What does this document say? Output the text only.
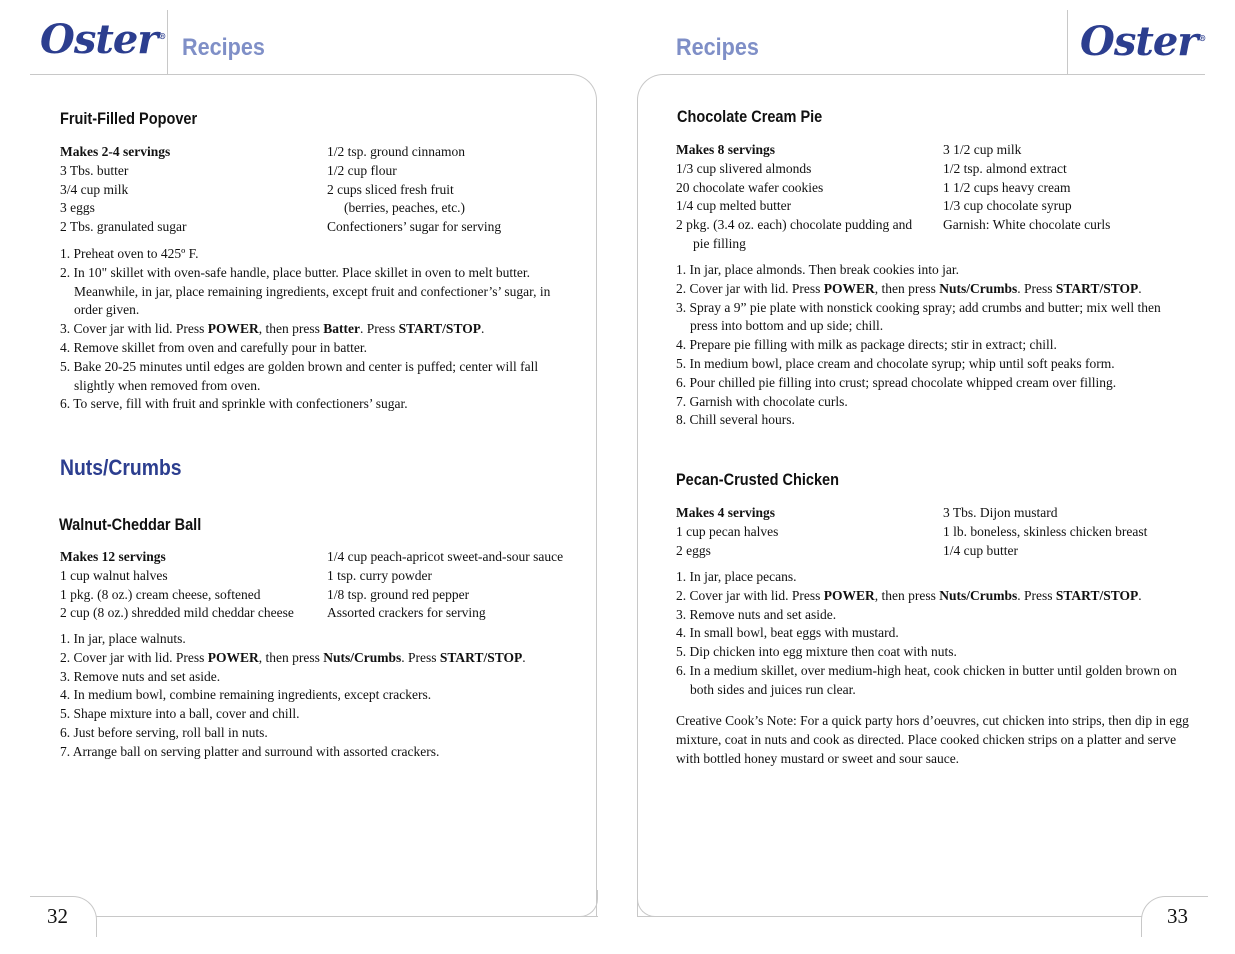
Oster® Recipes
32
Fruit-Filled Popover
Makes 2-4 servings
3 Tbs. butter
3/4 cup milk
3 eggs
2 Tbs. granulated sugar
1/2 tsp. ground cinnamon
1/2 cup flour
2 cups sliced fresh fruit
(berries, peaches, etc.)
Confectioners’ sugar for serving
1. Preheat oven to 425º F.
2. In 10" skillet with oven-safe handle, place butter. Place skillet in oven to melt butter. Meanwhile, in jar, place remaining ingredients, except fruit and confectioner’s’ sugar, in order given.
3. Cover jar with lid. Press POWER, then press Batter. Press START/STOP.
4. Remove skillet from oven and carefully pour in batter.
5. Bake 20-25 minutes until edges are golden brown and center is puffed; center will fall slightly when removed from oven.
6. To serve, fill with fruit and sprinkle with confectioners’ sugar.
Nuts/Crumbs
Walnut-Cheddar Ball
Makes 12 servings
1 cup walnut halves
1 pkg. (8 oz.) cream cheese, softened
2 cup (8 oz.) shredded mild cheddar cheese
1/4 cup peach-apricot sweet-and-sour sauce
1 tsp. curry powder
1/8 tsp. ground red pepper
Assorted crackers for serving
1. In jar, place walnuts.
2. Cover jar with lid. Press POWER, then press Nuts/Crumbs. Press START/STOP.
3. Remove nuts and set aside.
4. In medium bowl, combine remaining ingredients, except crackers.
5. Shape mixture into a ball, cover and chill.
6. Just before serving, roll ball in nuts.
7. Arrange ball on serving platter and surround with assorted crackers.
Recipes	Oster®
33
Chocolate Cream Pie
Makes 8 servings
1/3 cup slivered almonds
20 chocolate wafer cookies
1/4 cup melted butter
2 pkg. (3.4 oz. each) chocolate pudding and
pie filling
3 1/2 cup milk
1/2 tsp. almond extract
1 1/2 cups heavy cream
1/3 cup chocolate syrup
Garnish: White chocolate curls
1. In jar, place almonds. Then break cookies into jar.
2. Cover jar with lid. Press POWER, then press Nuts/Crumbs. Press START/STOP.
3. Spray a 9” pie plate with nonstick cooking spray; add crumbs and butter; mix well then press into bottom and up side; chill.
4. Prepare pie filling with milk as package directs; stir in extract; chill.
5. In medium bowl, place cream and chocolate syrup; whip until soft peaks form.
6. Pour chilled pie filling into crust; spread chocolate whipped cream over filling.
7. Garnish with chocolate curls.
8. Chill several hours.
Pecan-Crusted Chicken
Makes 4 servings
1 cup pecan halves
2 eggs
3 Tbs. Dijon mustard
1 lb. boneless, skinless chicken breast
1/4 cup butter
1. In jar, place pecans.
2. Cover jar with lid. Press POWER, then press Nuts/Crumbs. Press START/STOP.
3. Remove nuts and set aside.
4. In small bowl, beat eggs with mustard.
5. Dip chicken into egg mixture then coat with nuts.
6. In a medium skillet, over medium-high heat, cook chicken in butter until golden brown on both sides and juices run clear.
Creative Cook’s Note: For a quick party hors d’oeuvres, cut chicken into strips, then dip in egg mixture, coat in nuts and cook as directed. Place cooked chicken strips on a platter and serve with bottled honey mustard or sweet and sour sauce.
